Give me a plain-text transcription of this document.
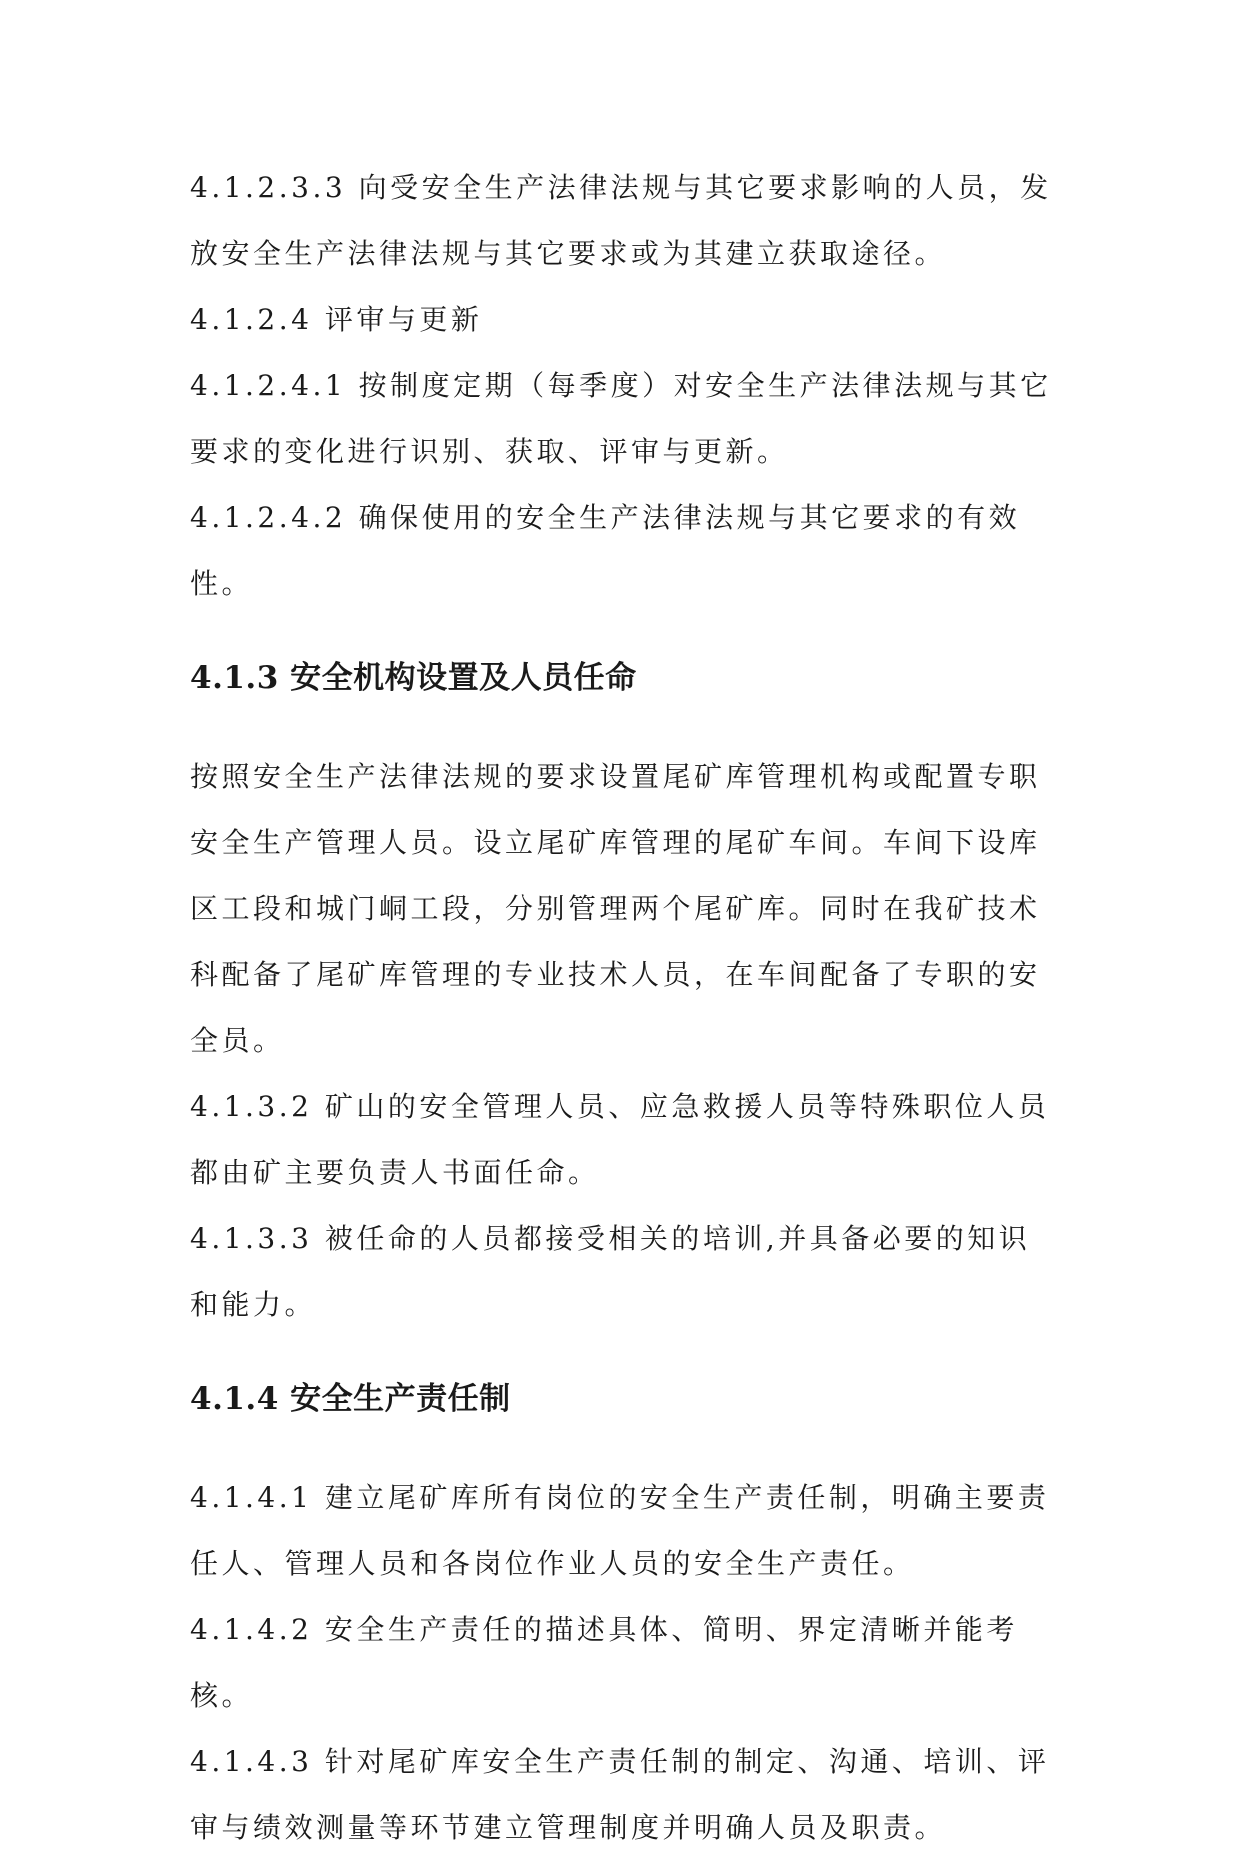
4.1.2.3.3 向受安全生产法律法规与其它要求影响的人员，发放安全生产法律法规与其它要求或为其建立获取途径。

4.1.2.4 评审与更新

4.1.2.4.1 按制度定期（每季度）对安全生产法律法规与其它要求的变化进行识别、获取、评审与更新。

4.1.2.4.2 确保使用的安全生产法律法规与其它要求的有效性。

4.1.3 安全机构设置及人员任命

按照安全生产法律法规的要求设置尾矿库管理机构或配置专职安全生产管理人员。设立尾矿库管理的尾矿车间。车间下设库区工段和城门峒工段，分别管理两个尾矿库。同时在我矿技术科配备了尾矿库管理的专业技术人员，在车间配备了专职的安全员。

4.1.3.2 矿山的安全管理人员、应急救援人员等特殊职位人员都由矿主要负责人书面任命。

4.1.3.3 被任命的人员都接受相关的培训,并具备必要的知识和能力。

4.1.4 安全生产责任制

4.1.4.1 建立尾矿库所有岗位的安全生产责任制，明确主要责任人、管理人员和各岗位作业人员的安全生产责任。

4.1.4.2 安全生产责任的描述具体、简明、界定清晰并能考核。

4.1.4.3 针对尾矿库安全生产责任制的制定、沟通、培训、评审与绩效测量等环节建立管理制度并明确人员及职责。
